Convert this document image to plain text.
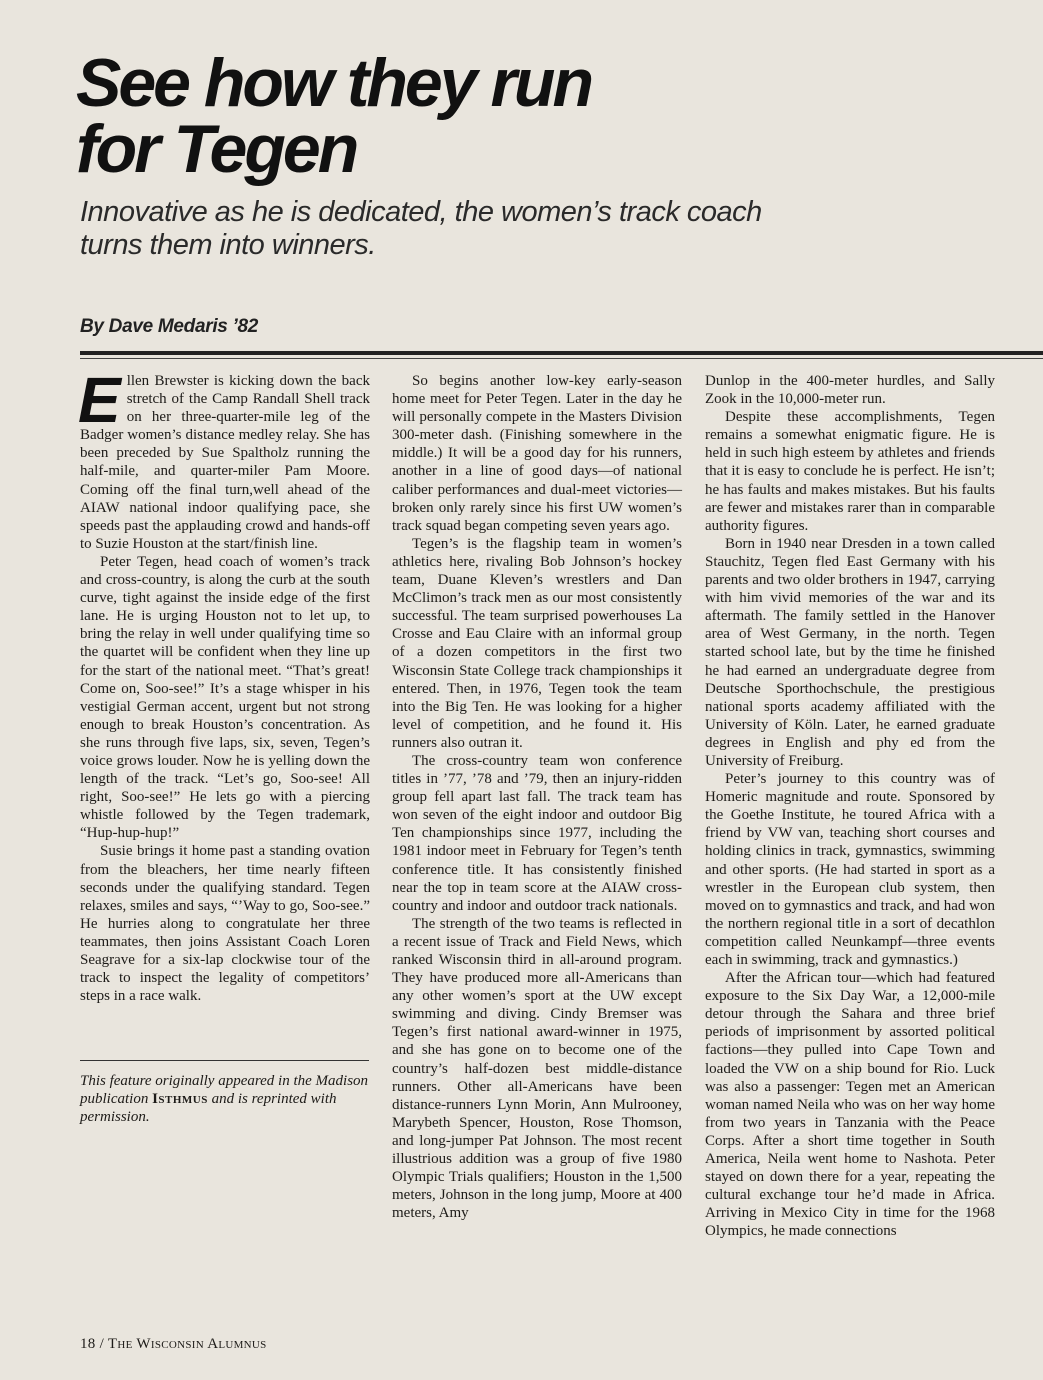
See how they run
for Tegen
Innovative as he is dedicated, the women’s track coach
turns them into winners.
By Dave Medaris ’82

Ellen Brewster is kicking down the back stretch of the Camp Randall Shell track on her three-quarter-mile leg of the Badger women’s distance medley relay. She has been preceded by Sue Spaltholz running the half-mile, and quarter-miler Pam Moore. Coming off the final turn,well ahead of the AIAW national indoor qualifying pace, she speeds past the applauding crowd and hands-off to Suzie Houston at the start/finish line.

Peter Tegen, head coach of women’s track and cross-country, is along the curb at the south curve, tight against the inside edge of the first lane. He is urging Houston not to let up, to bring the relay in well under qualifying time so the quartet will be confident when they line up for the start of the national meet. “That’s great! Come on, Soo-see!” It’s a stage whisper in his vestigial German accent, urgent but not strong enough to break Houston’s concentration. As she runs through five laps, six, seven, Tegen’s voice grows louder. Now he is yelling down the length of the track. “Let’s go, Soo-see! All right, Soo-see!” He lets go with a piercing whistle followed by the Tegen trademark, “Hup-hup-hup!”

Susie brings it home past a standing ovation from the bleachers, her time nearly fifteen seconds under the qualifying standard. Tegen relaxes, smiles and says, “’Way to go, Soo-see.” He hurries along to congratulate her three teammates, then joins Assistant Coach Loren Seagrave for a six-lap clockwise tour of the track to inspect the legality of competitors’ steps in a race walk.

This feature originally appeared in the Madison publication Isthmus and is reprinted with permission.

So begins another low-key early-season home meet for Peter Tegen. Later in the day he will personally compete in the Masters Division 300-meter dash. (Finishing somewhere in the middle.) It will be a good day for his runners, another in a line of good days—of national caliber performances and dual-meet victories—broken only rarely since his first UW women’s track squad began competing seven years ago.

Tegen’s is the flagship team in women’s athletics here, rivaling Bob Johnson’s hockey team, Duane Kleven’s wrestlers and Dan McClimon’s track men as our most consistently successful. The team surprised powerhouses La Crosse and Eau Claire with an informal group of a dozen competitors in the first two Wisconsin State College track championships it entered. Then, in 1976, Tegen took the team into the Big Ten. He was looking for a higher level of competition, and he found it. His runners also outran it.

The cross-country team won conference titles in ’77, ’78 and ’79, then an injury-ridden group fell apart last fall. The track team has won seven of the eight indoor and outdoor Big Ten championships since 1977, including the 1981 indoor meet in February for Tegen’s tenth conference title. It has consistently finished near the top in team score at the AIAW cross-country and indoor and outdoor track nationals.

The strength of the two teams is reflected in a recent issue of Track and Field News, which ranked Wisconsin third in all-around program. They have produced more all-Americans than any other women’s sport at the UW except swimming and diving. Cindy Bremser was Tegen’s first national award-winner in 1975, and she has gone on to become one of the country’s half-dozen best middle-distance runners. Other all-Americans have been distance-runners Lynn Morin, Ann Mulrooney, Marybeth Spencer, Houston, Rose Thomson, and long-jumper Pat Johnson. The most recent illustrious addition was a group of five 1980 Olympic Trials qualifiers; Houston in the 1,500 meters, Johnson in the long jump, Moore at 400 meters, Amy

Dunlop in the 400-meter hurdles, and Sally Zook in the 10,000-meter run.

Despite these accomplishments, Tegen remains a somewhat enigmatic figure. He is held in such high esteem by athletes and friends that it is easy to conclude he is perfect. He isn’t; he has faults and makes mistakes. But his faults are fewer and mistakes rarer than in comparable authority figures.

Born in 1940 near Dresden in a town called Stauchitz, Tegen fled East Germany with his parents and two older brothers in 1947, carrying with him vivid memories of the war and its aftermath. The family settled in the Hanover area of West Germany, in the north. Tegen started school late, but by the time he finished he had earned an undergraduate degree from Deutsche Sporthochschule, the prestigious national sports academy affiliated with the University of Köln. Later, he earned graduate degrees in English and phy ed from the University of Freiburg.

Peter’s journey to this country was of Homeric magnitude and route. Sponsored by the Goethe Institute, he toured Africa with a friend by VW van, teaching short courses and holding clinics in track, gymnastics, swimming and other sports. (He had started in sport as a wrestler in the European club system, then moved on to gymnastics and track, and had won the northern regional title in a sort of decathlon competition called Neunkampf—three events each in swimming, track and gymnastics.)

After the African tour—which had featured exposure to the Six Day War, a 12,000-mile detour through the Sahara and three brief periods of imprisonment by assorted political factions—they pulled into Cape Town and loaded the VW on a ship bound for Rio. Luck was also a passenger: Tegen met an American woman named Neila who was on her way home from two years in Tanzania with the Peace Corps. After a short time together in South America, Neila went home to Nashota. Peter stayed on down there for a year, repeating the cultural exchange tour he’d made in Africa. Arriving in Mexico City in time for the 1968 Olympics, he made connections

18 / The Wisconsin Alumnus
